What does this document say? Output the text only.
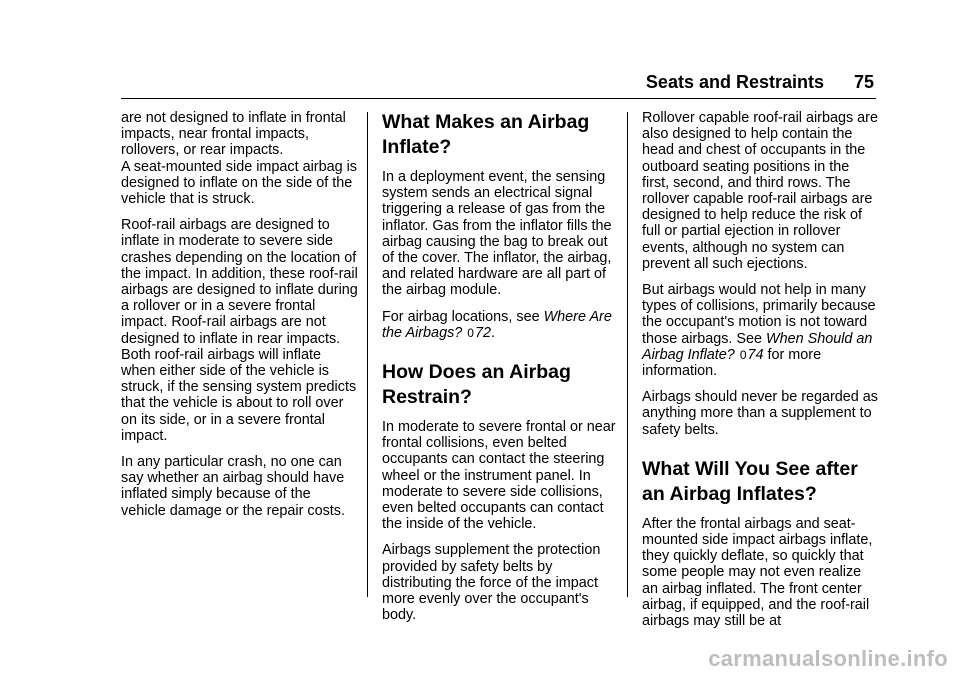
Seats and Restraints 75

are not designed to inflate in frontal impacts, near frontal impacts, rollovers, or rear impacts.

A seat-mounted side impact airbag is designed to inflate on the side of the vehicle that is struck.

Roof-rail airbags are designed to inflate in moderate to severe side crashes depending on the location of the impact. In addition, these roof-rail airbags are designed to inflate during a rollover or in a severe frontal impact. Roof-rail airbags are not designed to inflate in rear impacts. Both roof-rail airbags will inflate when either side of the vehicle is struck, if the sensing system predicts that the vehicle is about to roll over on its side, or in a severe frontal impact.

In any particular crash, no one can say whether an airbag should have inflated simply because of the vehicle damage or the repair costs.

What Makes an Airbag Inflate?

In a deployment event, the sensing system sends an electrical signal triggering a release of gas from the inflator. Gas from the inflator fills the airbag causing the bag to break out of the cover. The inflator, the airbag, and related hardware are all part of the airbag module.

For airbag locations, see Where Are the Airbags? 072.

How Does an Airbag Restrain?

In moderate to severe frontal or near frontal collisions, even belted occupants can contact the steering wheel or the instrument panel. In moderate to severe side collisions, even belted occupants can contact the inside of the vehicle.

Airbags supplement the protection provided by safety belts by distributing the force of the impact more evenly over the occupant's body.

Rollover capable roof-rail airbags are also designed to help contain the head and chest of occupants in the outboard seating positions in the first, second, and third rows. The rollover capable roof-rail airbags are designed to help reduce the risk of full or partial ejection in rollover events, although no system can prevent all such ejections.

But airbags would not help in many types of collisions, primarily because the occupant's motion is not toward those airbags. See When Should an Airbag Inflate? 074 for more information.

Airbags should never be regarded as anything more than a supplement to safety belts.

What Will You See after an Airbag Inflates?

After the frontal airbags and seat-mounted side impact airbags inflate, they quickly deflate, so quickly that some people may not even realize an airbag inflated. The front center airbag, if equipped, and the roof-rail airbags may still be at

carmanualsonline.info
